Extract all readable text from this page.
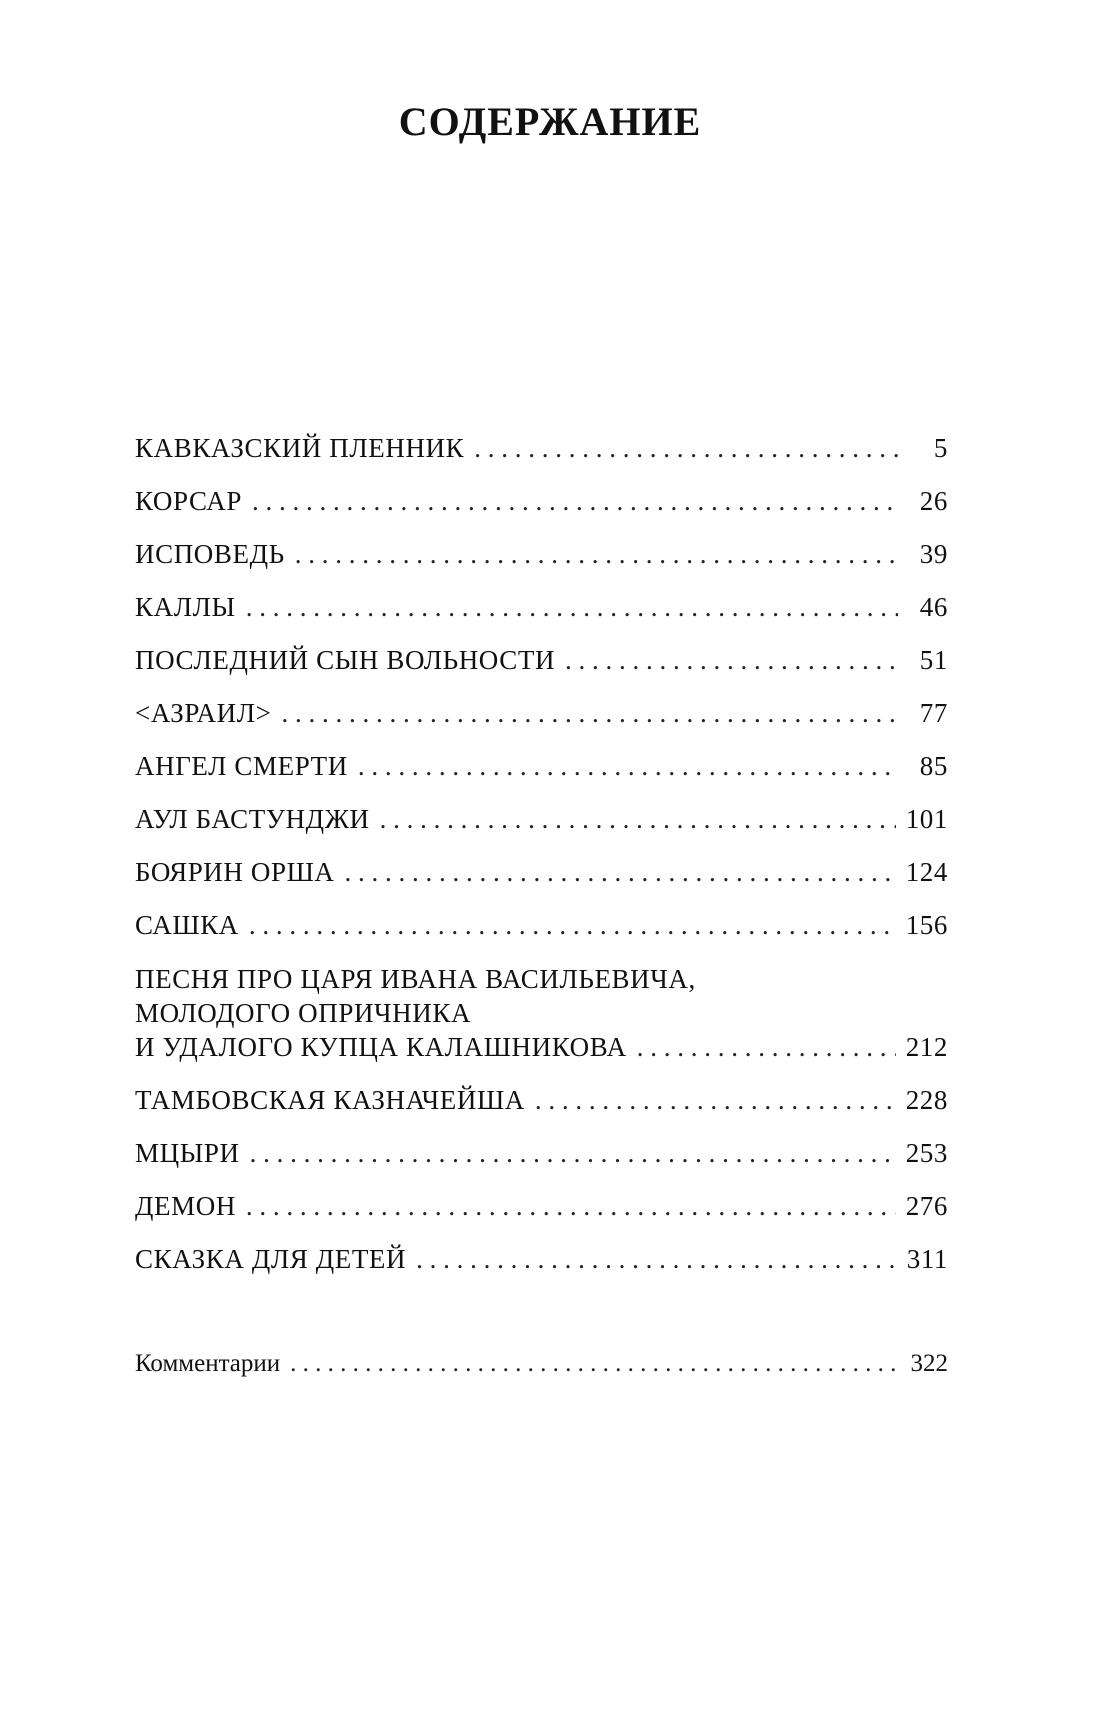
СОДЕРЖАНИЕ
КАВКАЗСКИЙ ПЛЕННИК . . .	5
КОРСАР . . .	26
ИСПОВЕДЬ . . .	39
КАЛЛЫ . . .	46
ПОСЛЕДНИЙ СЫН ВОЛЬНОСТИ . . .	51
<АЗРАИЛ> . . .	77
АНГЕЛ СМЕРТИ . . .	85
АУЛ БАСТУНДЖИ . . .	101
БОЯРИН ОРША . . .	124
САШКА . . .	156
ПЕСНЯ ПРО ЦАРЯ ИВАНА ВАСИЛЬЕВИЧА,
МОЛОДОГО ОПРИЧНИКА
И УДАЛОГО КУПЦА КАЛАШНИКОВА . . .	212
ТАМБОВСКАЯ КАЗНАЧЕЙША . . .	228
МЦЫРИ . . .	253
ДЕМОН . . .	276
СКАЗКА ДЛЯ ДЕТЕЙ . . .	311
Комментарии . . .	322
